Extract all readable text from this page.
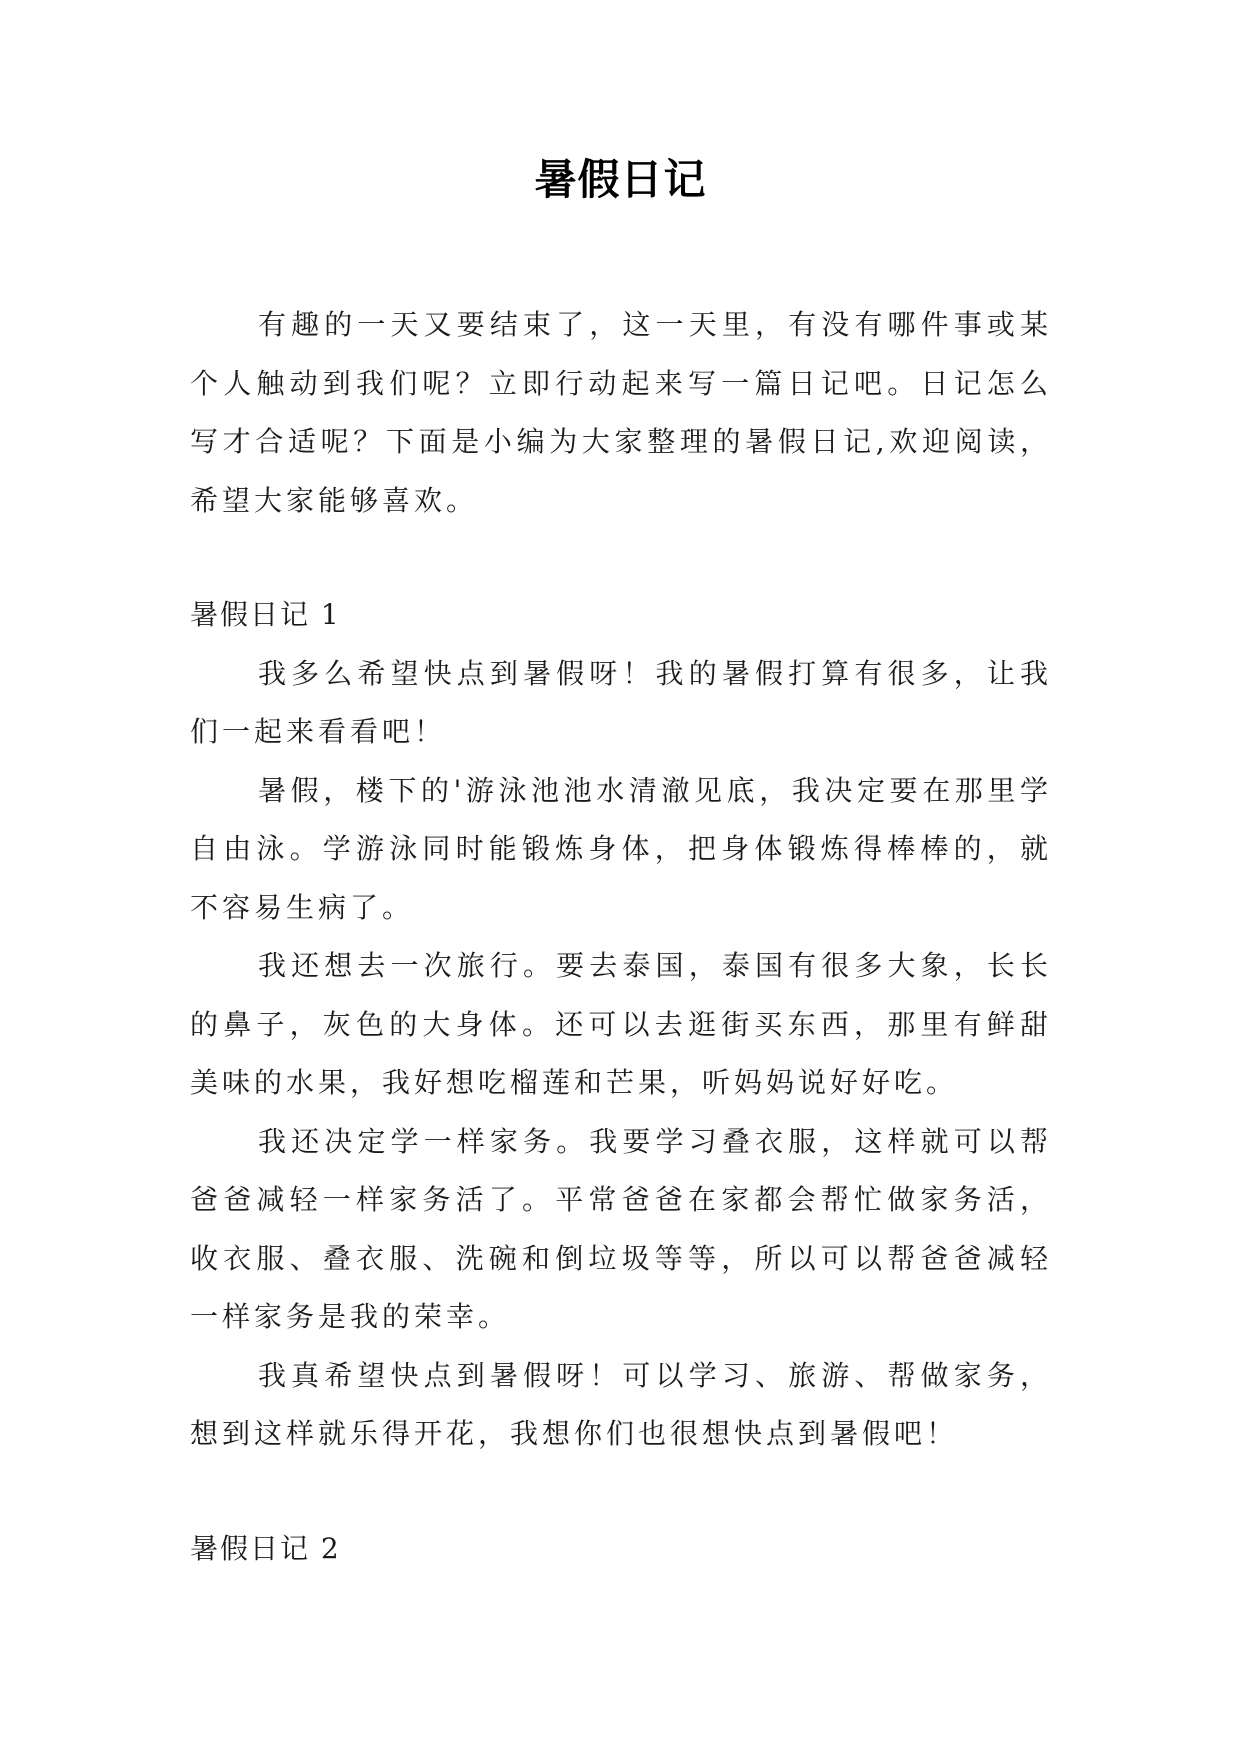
暑假日记

有趣的一天又要结束了，这一天里，有没有哪件事或某个人触动到我们呢？立即行动起来写一篇日记吧。日记怎么写才合适呢？下面是小编为大家整理的暑假日记,欢迎阅读，希望大家能够喜欢。

暑假日记 1

我多么希望快点到暑假呀！我的暑假打算有很多，让我们一起来看看吧！

暑假，楼下的'游泳池池水清澈见底，我决定要在那里学自由泳。学游泳同时能锻炼身体，把身体锻炼得棒棒的，就不容易生病了。

我还想去一次旅行。要去泰国，泰国有很多大象，长长的鼻子，灰色的大身体。还可以去逛街买东西，那里有鲜甜美味的水果，我好想吃榴莲和芒果，听妈妈说好好吃。

我还决定学一样家务。我要学习叠衣服，这样就可以帮爸爸减轻一样家务活了。平常爸爸在家都会帮忙做家务活，收衣服、叠衣服、洗碗和倒垃圾等等，所以可以帮爸爸减轻一样家务是我的荣幸。

我真希望快点到暑假呀！可以学习、旅游、帮做家务，想到这样就乐得开花，我想你们也很想快点到暑假吧！

暑假日记 2
